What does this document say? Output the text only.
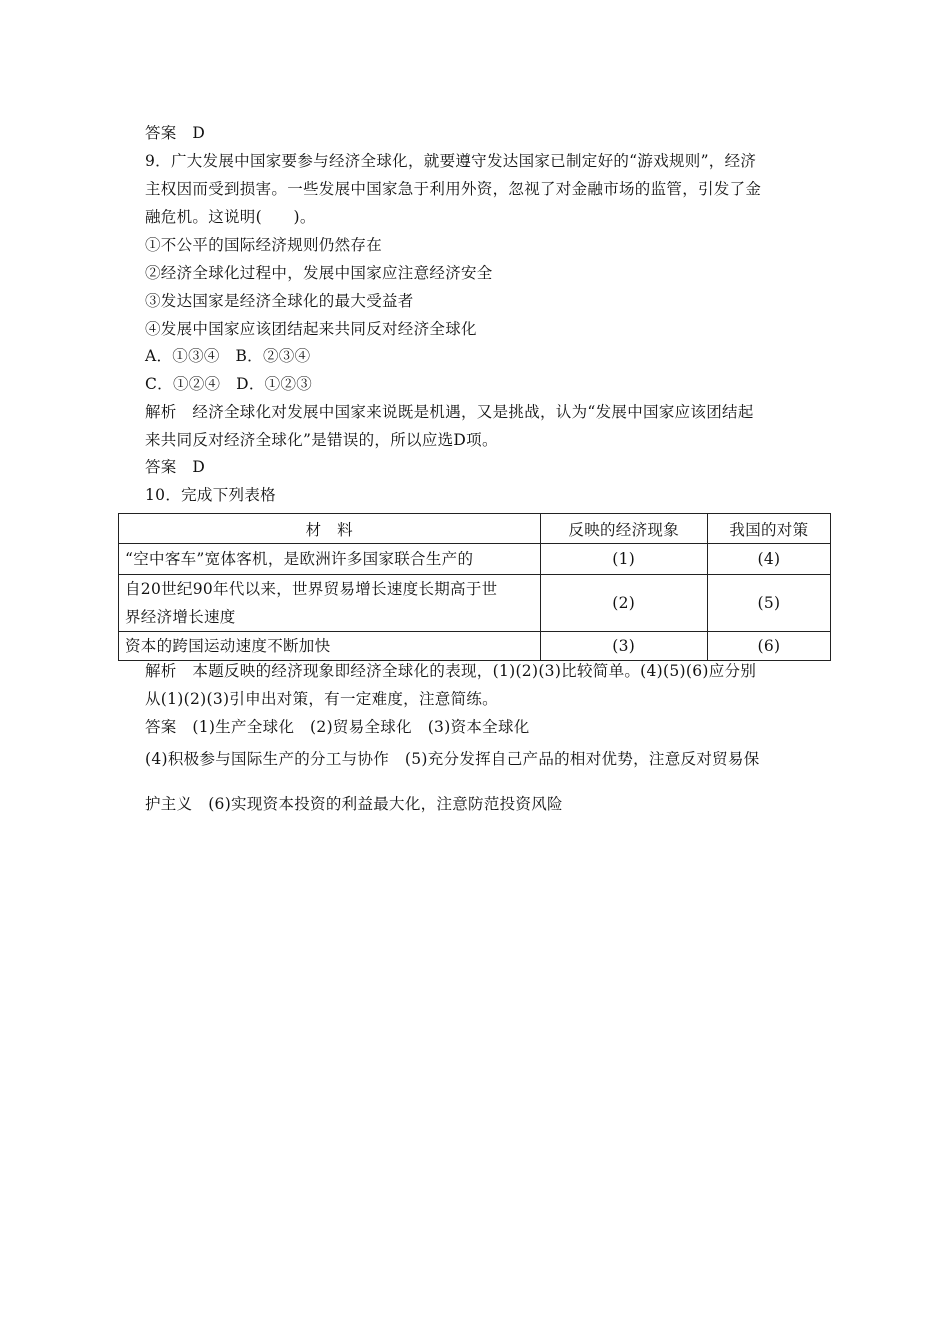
答案　D
9．广大发展中国家要参与经济全球化，就要遵守发达国家已制定好的“游戏规则”，经济
主权因而受到损害。一些发展中国家急于利用外资，忽视了对金融市场的监管，引发了金
融危机。这说明(　　)。
①不公平的国际经济规则仍然存在
②经济全球化过程中，发展中国家应注意经济安全
③发达国家是经济全球化的最大受益者
④发展中国家应该团结起来共同反对经济全球化
A．①③④　B．②③④
C．①②④　D．①②③
解析　经济全球化对发展中国家来说既是机遇，又是挑战，认为“发展中国家应该团结起
来共同反对经济全球化”是错误的，所以应选D项。
答案　D
10．完成下列表格
材　料	反映的经济现象	我国的对策
“空中客车”宽体客机，是欧洲许多国家联合生产的	(1)	(4)

自20世纪90年代以来，世界贸易增长速度长期高于世
界经济增长速度	(2)	(5)
资本的跨国运动速度不断加快	(3)	(6)
解析　本题反映的经济现象即经济全球化的表现，(1)(2)(3)比较简单。(4)(5)(6)应分别
从(1)(2)(3)引申出对策，有一定难度，注意简练。
答案　(1)生产全球化　(2)贸易全球化　(3)资本全球化
(4)积极参与国际生产的分工与协作　(5)充分发挥自己产品的相对优势，注意反对贸易保
护主义　(6)实现资本投资的利益最大化，注意防范投资风险
